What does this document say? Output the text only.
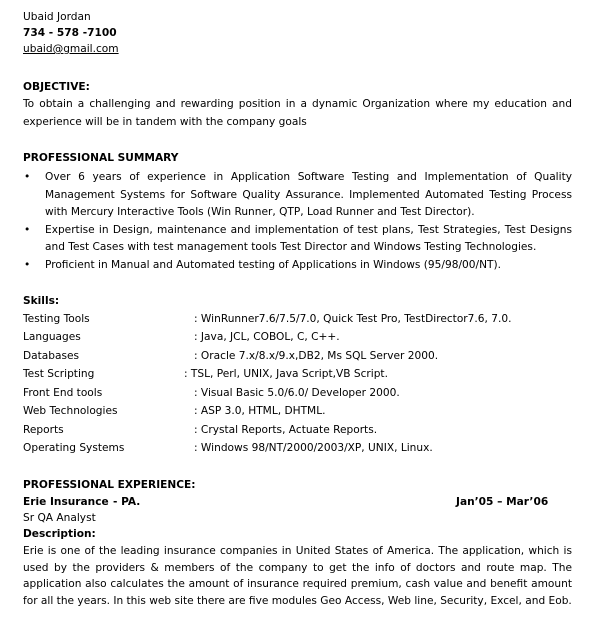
Ubaid Jordan
734 - 578 -7100
ubaid@gmail.com
OBJECTIVE:
To obtain a challenging and rewarding position in a dynamic Organization where my education and experience will be in tandem with the company goals
PROFESSIONAL SUMMARY
• Over 6 years of experience in Application Software Testing and Implementation of Quality Management Systems for Software Quality Assurance. Implemented Automated Testing Process with Mercury Interactive Tools (Win Runner, QTP, Load Runner and Test Director).
• Expertise in Design, maintenance and implementation of test plans, Test Strategies, Test Designs and Test Cases with test management tools Test Director and Windows Testing Technologies.
• Proficient in Manual and Automated testing of Applications in Windows (95/98/00/NT).
Skills:
Testing Tools	: WinRunner7.6/7.5/7.0, Quick Test Pro, TestDirector7.6, 7.0.
Languages	: Java, JCL, COBOL, C, C++.
Databases	: Oracle 7.x/8.x/9.x,DB2, Ms SQL Server 2000.
Test Scripting	: TSL, Perl, UNIX, Java Script,VB Script.
Front End tools	: Visual Basic 5.0/6.0/ Developer 2000.
Web Technologies	: ASP 3.0, HTML, DHTML.
Reports	: Crystal Reports, Actuate Reports.
Operating Systems	: Windows 98/NT/2000/2003/XP, UNIX, Linux.
PROFESSIONAL EXPERIENCE:
Erie Insurance - PA.	Jan’05 – Mar’06
Sr QA Analyst
Description:
Erie is one of the leading insurance companies in United States of America. The application, which is used by the providers & members of the company to get the info of doctors and route map. The application also calculates the amount of insurance required premium, cash value and benefit amount for all the years. In this web site there are five modules Geo Access, Web line, Security, Excel, and Eob.
